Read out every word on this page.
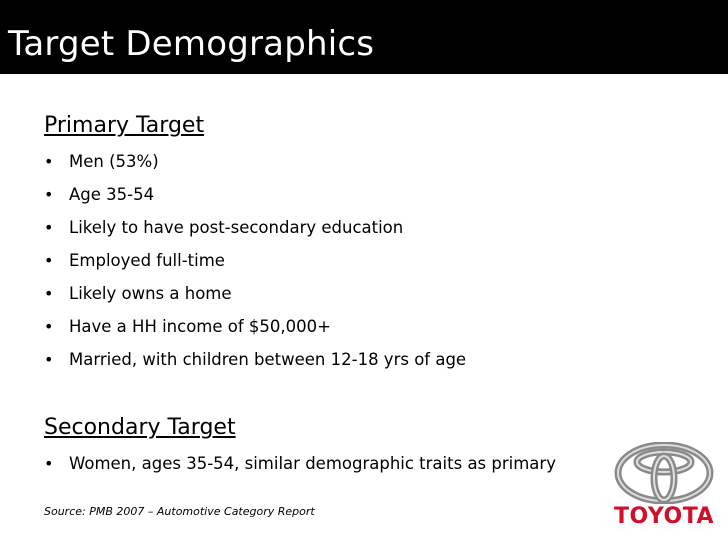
Target Demographics
Primary Target
• Men (53%)
• Age 35-54
• Likely to have post-secondary education
• Employed full-time
• Likely owns a home
• Have a HH income of $50,000+
• Married, with children between 12-18 yrs of age
Secondary Target
• Women, ages 35-54, similar demographic traits as primary
Source: PMB 2007 – Automotive Category Report	TOYOTA
